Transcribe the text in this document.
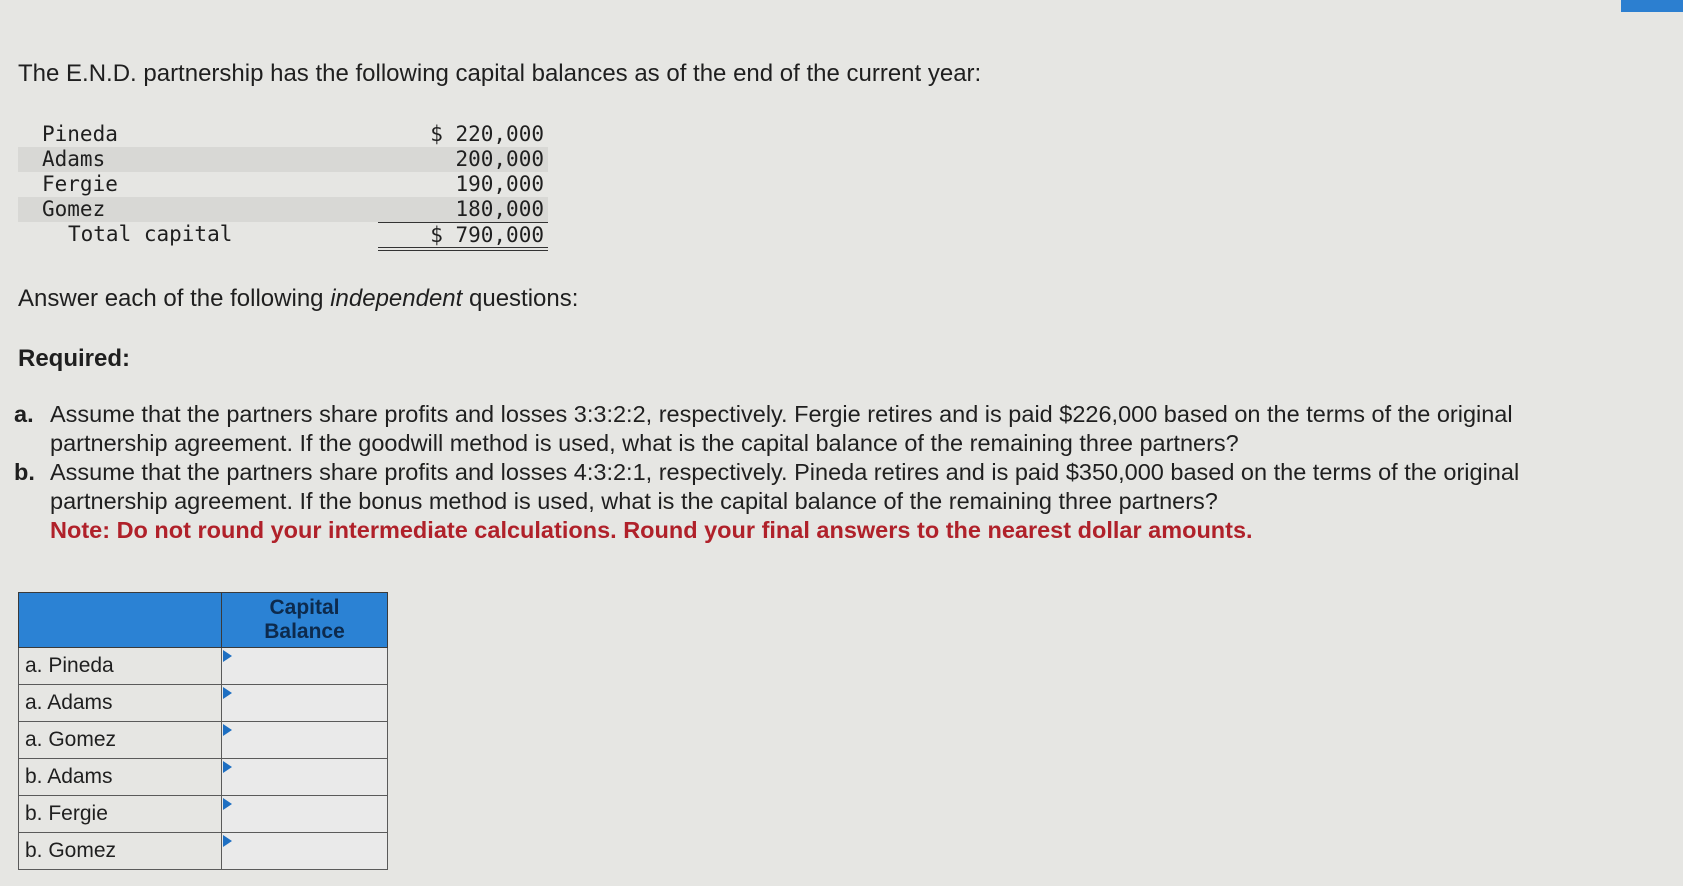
The E.N.D. partnership has the following capital balances as of the end of the current year:
Pineda	$ 220,000
Adams	200,000
Fergie	190,000
Gomez	180,000
Total capital	$ 790,000
Answer each of the following independent questions:
Required:
a. Assume that the partners share profits and losses 3:3:2:2, respectively. Fergie retires and is paid $226,000 based on the terms of the original partnership agreement. If the goodwill method is used, what is the capital balance of the remaining three partners?
b. Assume that the partners share profits and losses 4:3:2:1, respectively. Pineda retires and is paid $350,000 based on the terms of the original partnership agreement. If the bonus method is used, what is the capital balance of the remaining three partners?
Note: Do not round your intermediate calculations. Round your final answers to the nearest dollar amounts.
	Capital
Balance
a. Pineda	

a. Adams	

a. Gomez	

b. Adams	

b. Fergie	

b. Gomez	
